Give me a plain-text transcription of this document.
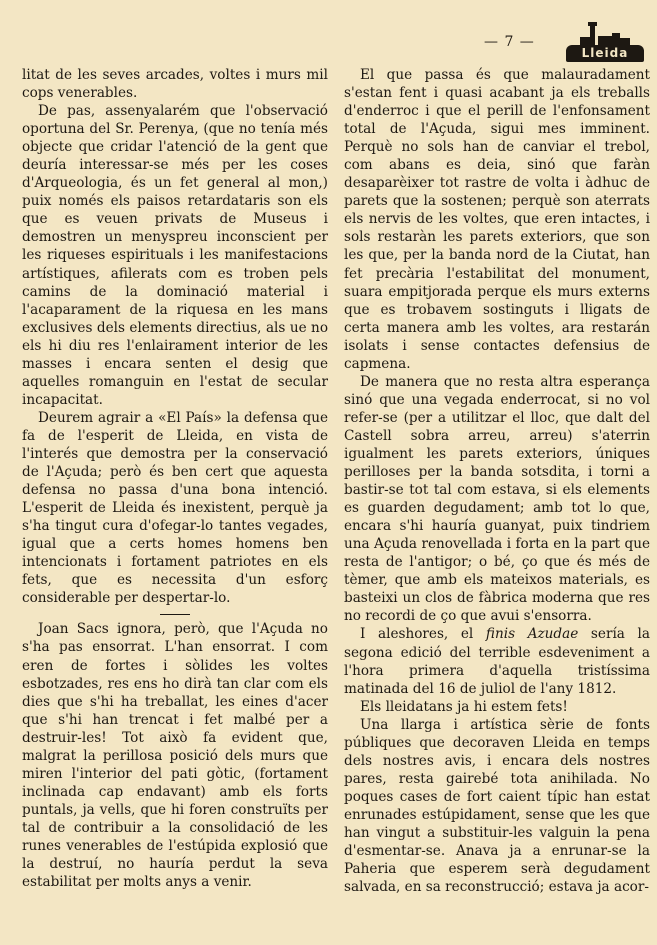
— 7 —
Lleida

litat de les seves arcades, voltes i murs mil cops venerables.

De pas, assenyalarém que l'observació oportuna del Sr. Perenya, (que no tenía més objecte que cridar l'atenció de la gent que deuría interessar-se més per les coses d'Arqueologia, és un fet general al mon,) puix només els paisos retardataris son els que es veuen privats de Museus i demostren un menyspreu inconscient per les riqueses espirituals i les manifestacions artístiques, afilerats com es troben pels camins de la dominació material i l'acaparament de la riquesa en les mans exclusives dels elements directius, als ue no els hi diu res l'enlairament interior de les masses i encara senten el desig que aquelles romanguin en l'estat de secular incapacitat.

Deurem agrair a «El País» la defensa que fa de l'esperit de Lleida, en vista de l'interés que demostra per la conservació de l'Açuda; però és ben cert que aquesta defensa no passa d'una bona intenció. L'esperit de Lleida és inexistent, perquè ja s'ha tingut cura d'ofegar-lo tantes vegades, igual que a certs homes homens ben intencionats i fortament patriotes en els fets, que es necessita d'un esforç considerable per despertar-lo.

Joan Sacs ignora, però, que l'Açuda no s'ha pas ensorrat. L'han ensorrat. I com eren de fortes i sòlides les voltes esbotzades, res ens ho dirà tan clar com els dies que s'hi ha treballat, les eines d'acer que s'hi han trencat i fet malbé per a destruir-les! Tot això fa evident que, malgrat la perillosa posició dels murs que miren l'interior del pati gòtic, (fortament inclinada cap endavant) amb els forts puntals, ja vells, que hi foren construïts per tal de contribuir a la consolidació de les runes venerables de l'estúpida explosió que la destruí, no hauría perdut la seva estabilitat per molts anys a venir.

El que passa és que malauradament s'estan fent i quasi acabant ja els treballs d'enderroc i que el perill de l'enfonsament total de l'Açuda, sigui mes imminent. Perquè no sols han de canviar el trebol, com abans es deia, sinó que faràn desaparèixer tot rastre de volta i àdhuc de parets que la sostenen; perquè son aterrats els nervis de les voltes, que eren intactes, i sols restaràn les parets exteriors, que son les que, per la banda nord de la Ciutat, han fet precària l'estabilitat del monument, suara empitjorada perque els murs externs que es trobavem sostinguts i lligats de certa manera amb les voltes, ara restarán isolats i sense contactes defensius de capmena.

De manera que no resta altra esperança sinó que una vegada enderrocat, si no vol refer-se (per a utilitzar el lloc, que dalt del Castell sobra arreu, arreu) s'aterrin igualment les parets exteriors, úniques perilloses per la banda sotsdita, i torni a bastir-se tot tal com estava, si els elements es guarden degudament; amb tot lo que, encara s'hi hauría guanyat, puix tindriem una Açuda renovellada i forta en la part que resta de l'antigor; o bé, ço que és més de tèmer, que amb els mateixos materials, es basteixi un clos de fàbrica moderna que res no recordi de ço que avui s'ensorra.

I aleshores, el finis Azudae sería la segona edició del terrible esdeveniment a l'hora primera d'aquella tristíssima matinada del 16 de juliol de l'any 1812.

Els lleidatans ja hi estem fets!

Una llarga i artística sèrie de fonts públiques que decoraven Lleida en temps dels nostres avis, i encara dels nostres pares, resta gairebé tota anihilada. No poques cases de fort caient típic han estat enrunades estúpidament, sense que les que han vingut a substituir-les valguin la pena d'esmentar-se. Anava ja a enrunar-se la Paheria que esperem serà degudament salvada, en sa reconstrucció; estava ja acor-
